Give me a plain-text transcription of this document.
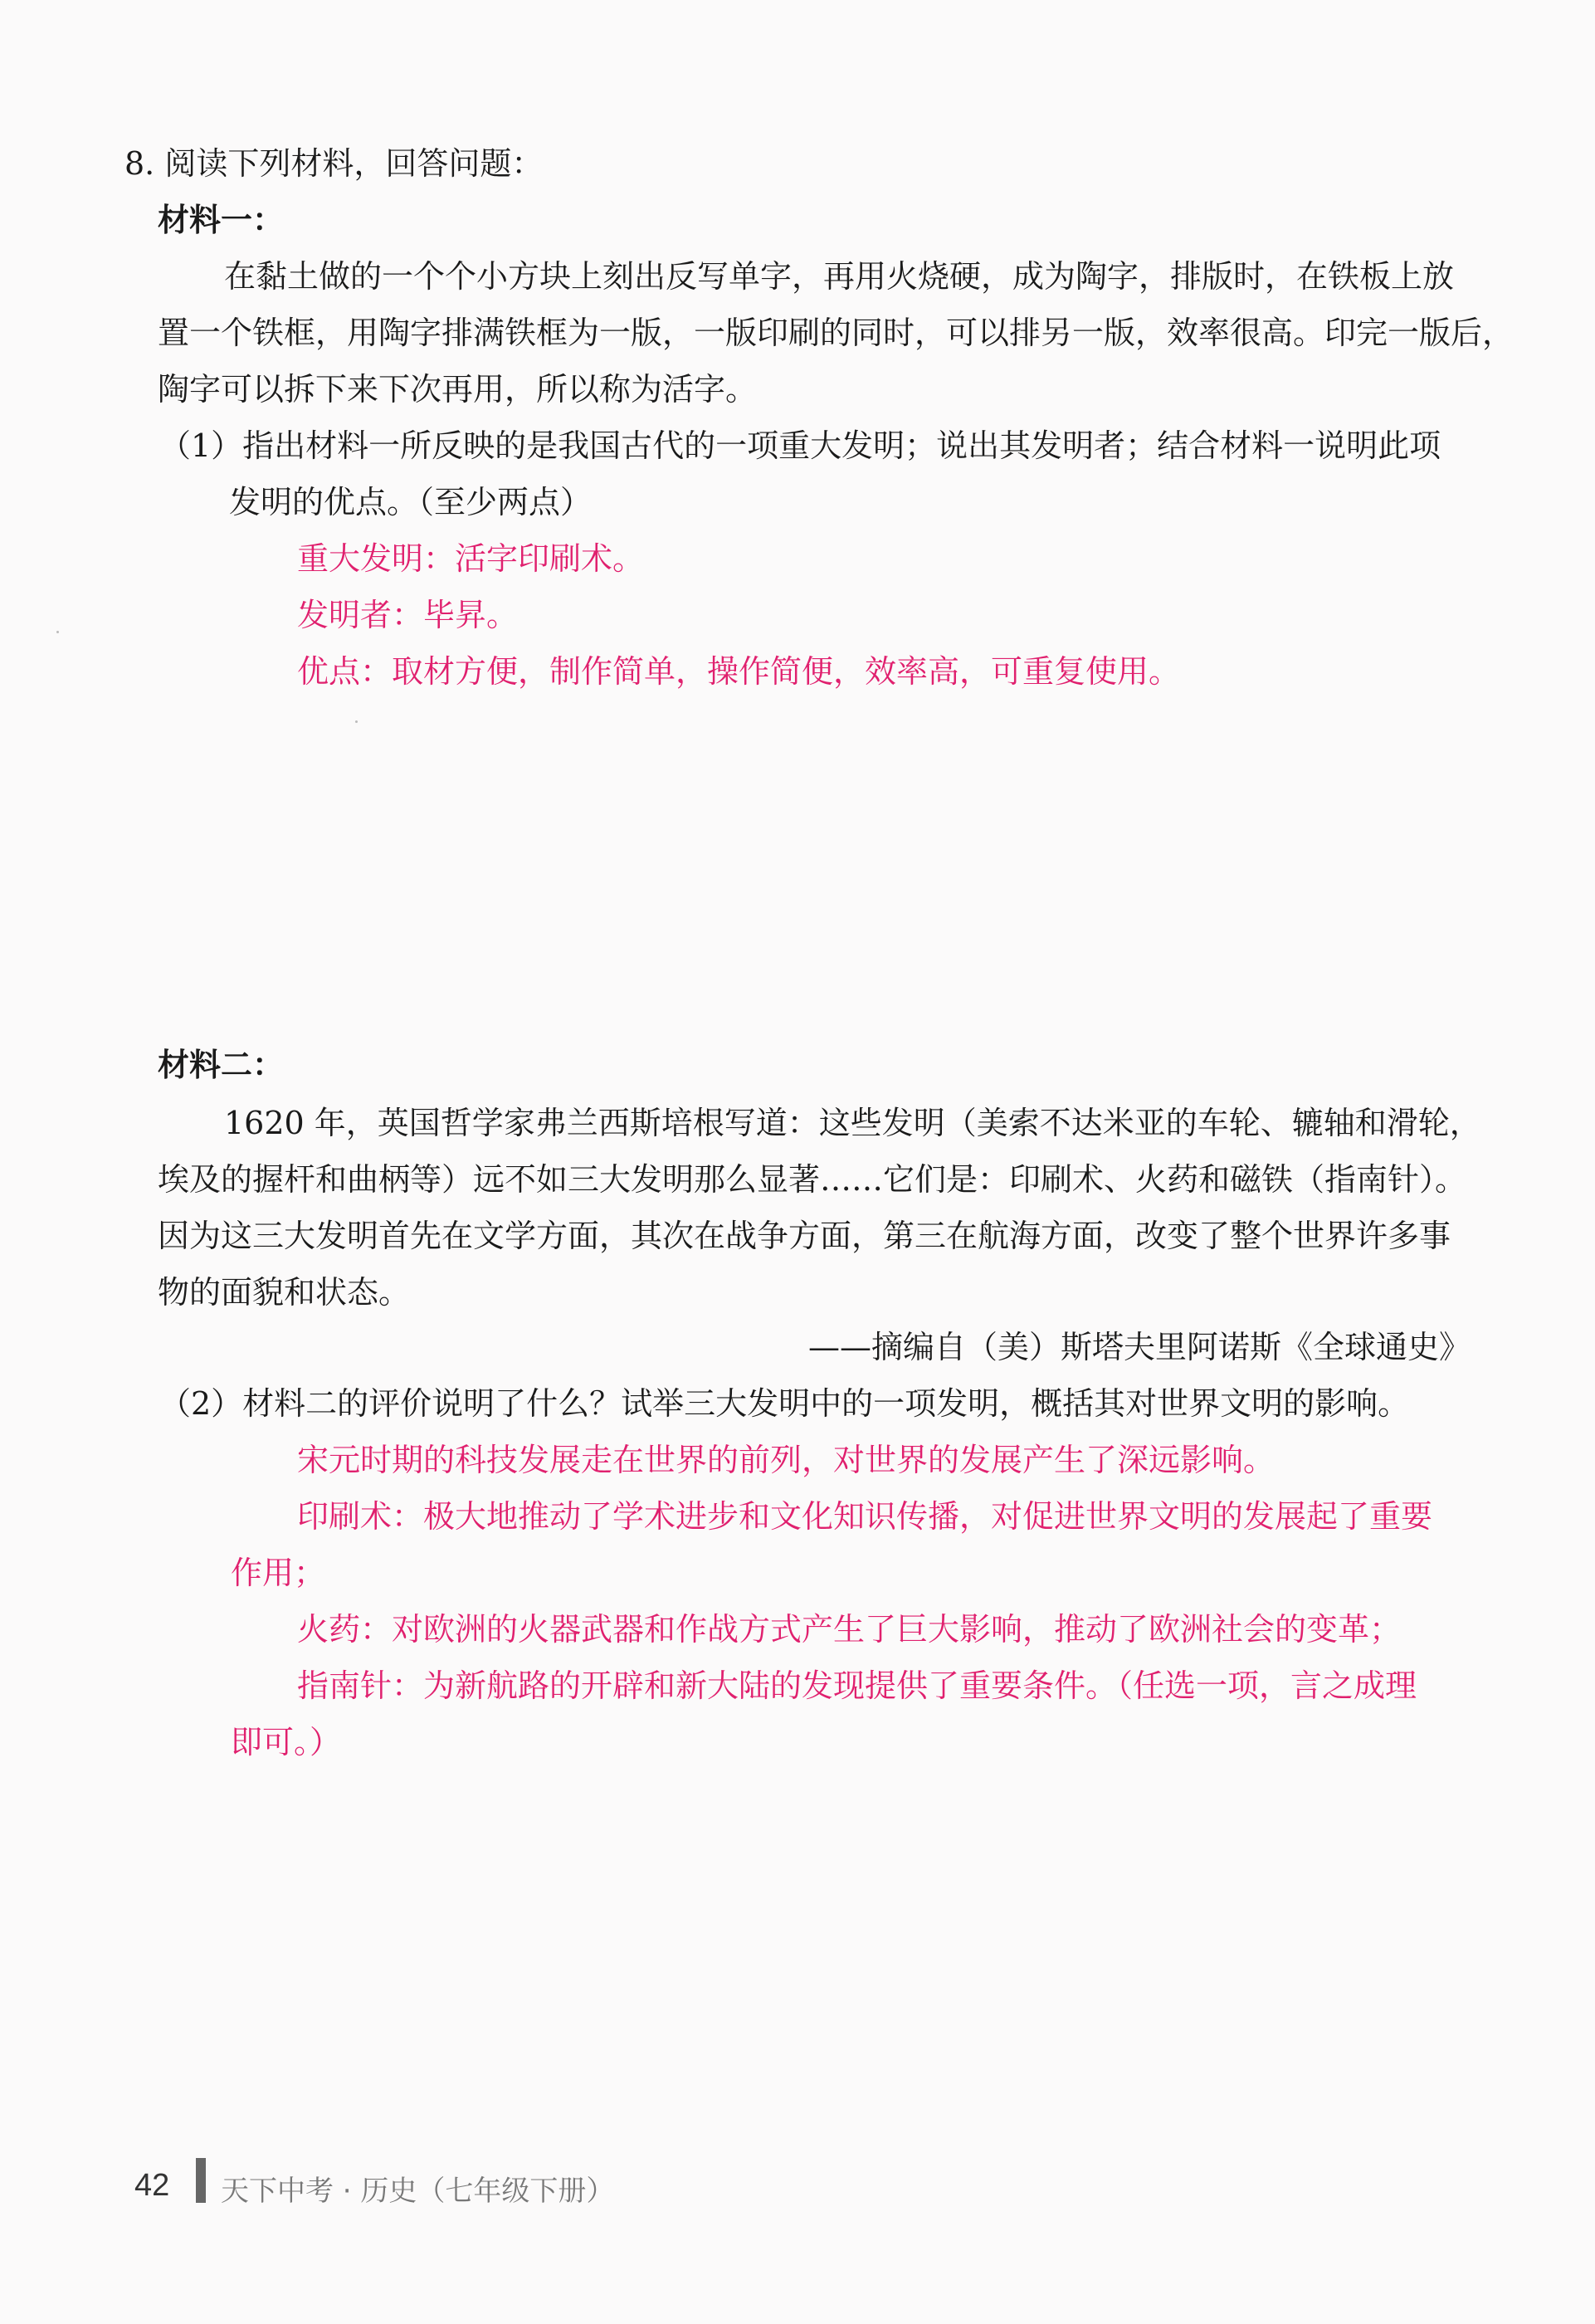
8. 阅读下列材料，回答问题：
材料一：
在黏土做的一个个小方块上刻出反写单字，再用火烧硬，成为陶字，排版时，在铁板上放
置一个铁框，用陶字排满铁框为一版，一版印刷的同时，可以排另一版，效率很高。印完一版后，
陶字可以拆下来下次再用，所以称为活字。
（1）指出材料一所反映的是我国古代的一项重大发明；说出其发明者；结合材料一说明此项
发明的优点。（至少两点）
重大发明：活字印刷术。
发明者：毕昇。
优点：取材方便，制作简单，操作简便，效率高，可重复使用。
材料二：
1620 年，英国哲学家弗兰西斯培根写道：这些发明（美索不达米亚的车轮、辘轴和滑轮，
埃及的握杆和曲柄等）远不如三大发明那么显著……它们是：印刷术、火药和磁铁（指南针）。
因为这三大发明首先在文学方面，其次在战争方面，第三在航海方面，改变了整个世界许多事
物的面貌和状态。
——摘编自（美）斯塔夫里阿诺斯《全球通史》
（2）材料二的评价说明了什么？试举三大发明中的一项发明，概括其对世界文明的影响。
宋元时期的科技发展走在世界的前列，对世界的发展产生了深远影响。
印刷术：极大地推动了学术进步和文化知识传播，对促进世界文明的发展起了重要
作用；
火药：对欧洲的火器武器和作战方式产生了巨大影响，推动了欧洲社会的变革；
指南针：为新航路的开辟和新大陆的发现提供了重要条件。（任选一项，言之成理
即可。）
42 天下中考 · 历史（七年级下册）
